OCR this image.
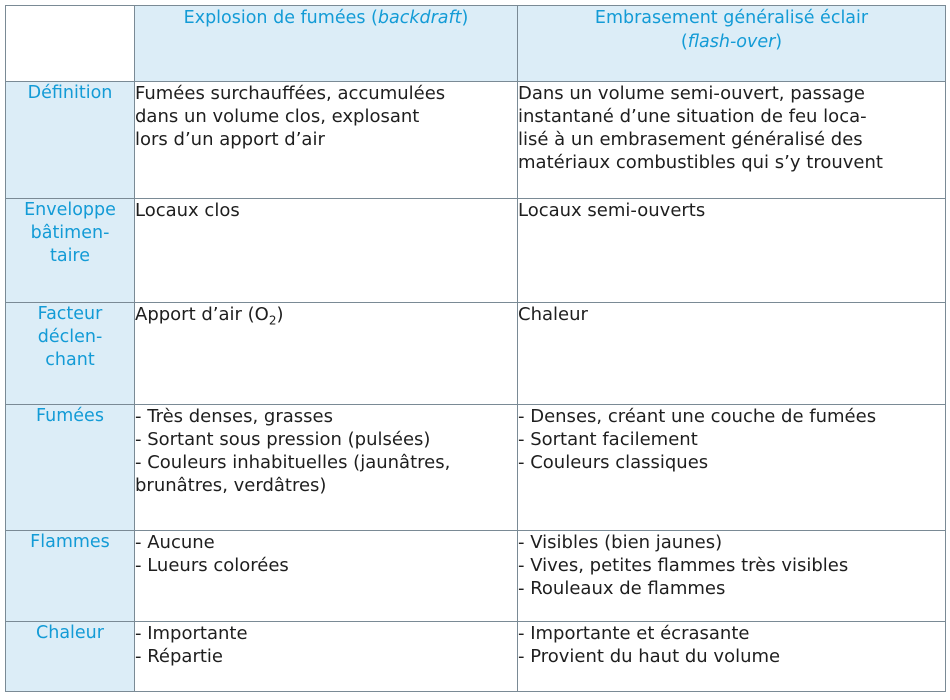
	Explosion de fumées (backdraft)	Embrasement généralisé éclair
(flash-over)

Définition	Fumées surchauffées, accumulées
dans un volume clos, explosant
lors d’un apport d’air	Dans un volume semi-ouvert, passage
instantané d’une situation de feu loca-
lisé à un embrasement généralisé des
matériaux combustibles qui s’y trouvent

Enveloppe
bâtimen-
taire	Locaux clos	Locaux semi-ouverts

Facteur
déclen-
chant	Apport d’air $(O_2)$	Chaleur

Fumées	- Très denses, grasses
- Sortant sous pression (pulsées)
- Couleurs inhabituelles (jaunâtres,
brunâtres, verdâtres)	- Denses, créant une couche de fumées
- Sortant facilement
- Couleurs classiques

Flammes	- Aucune
- Lueurs colorées	- Visibles (bien jaunes)
- Vives, petites flammes très visibles
- Rouleaux de flammes

Chaleur	- Importante
- Répartie	- Importante et écrasante
- Provient du haut du volume
